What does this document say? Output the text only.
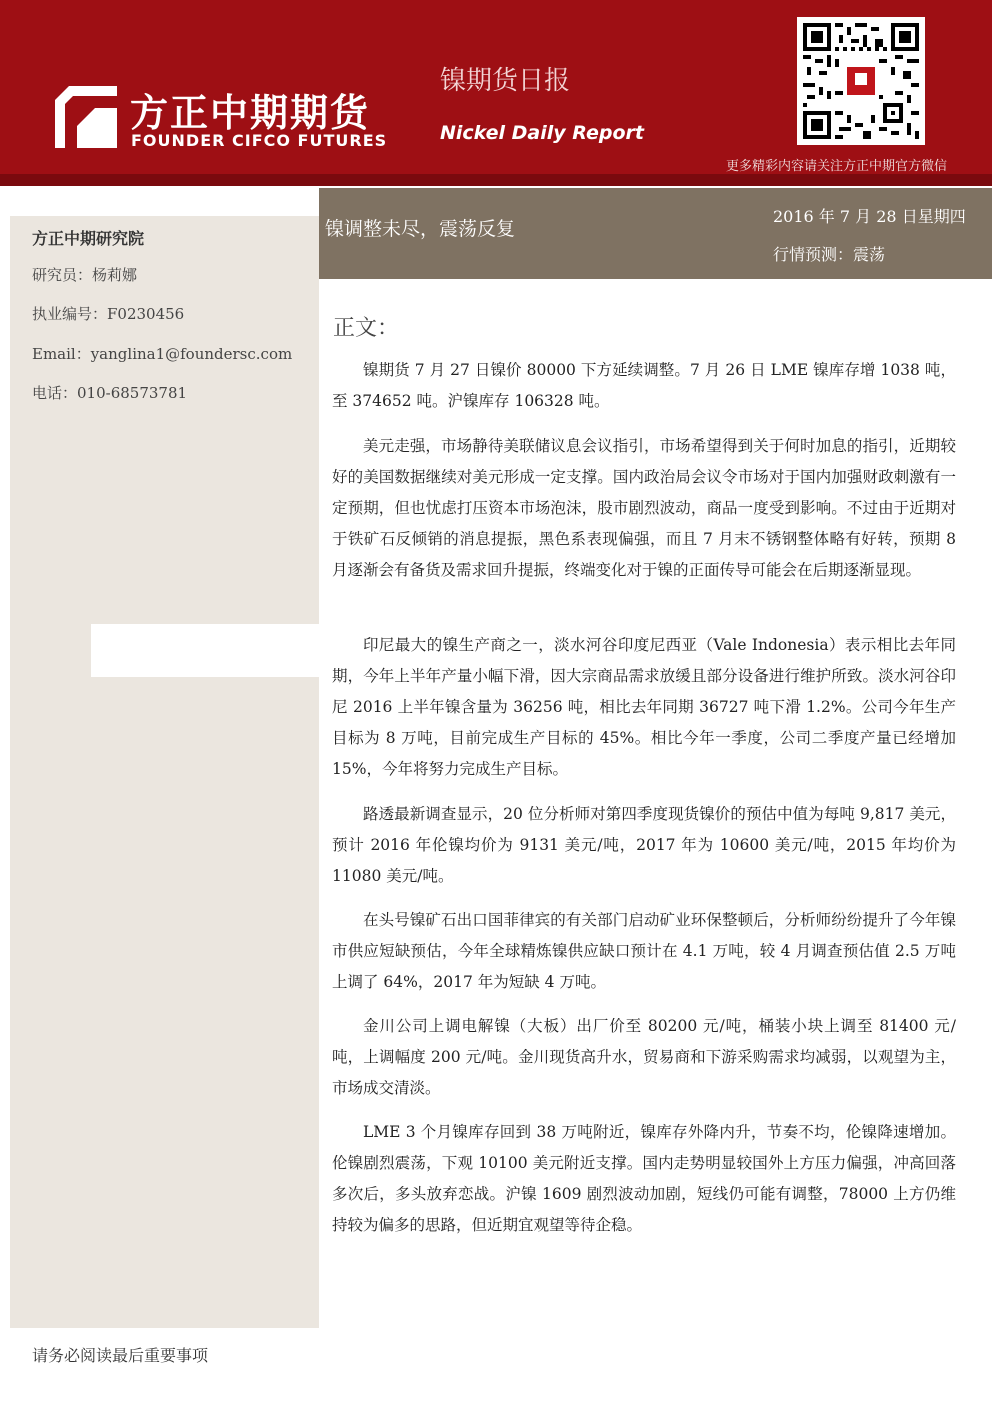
方正中期期货
FOUNDER CIFCO FUTURES
镍期货日报
Nickel Daily Report
更多精彩内容请关注方正中期官方微信
方正中期研究院
研究员：杨莉娜
执业编号：F0230456
Email：yanglina1@foundersc.com
电话：010-68573781
镍调整未尽，震荡反复
2016 年 7 月 28 日星期四
行情预测：震荡
正文：
镍期货 7 月 27 日镍价 80000 下方延续调整。7 月 26 日 LME 镍库存增 1038 吨，至 374652 吨。沪镍库存 106328 吨。
美元走强，市场静待美联储议息会议指引，市场希望得到关于何时加息的指引，近期较好的美国数据继续对美元形成一定支撑。国内政治局会议令市场对于国内加强财政刺激有一定预期，但也忧虑打压资本市场泡沫，股市剧烈波动，商品一度受到影响。不过由于近期对于铁矿石反倾销的消息提振，黑色系表现偏强，而且 7 月末不锈钢整体略有好转，预期 8 月逐渐会有备货及需求回升提振，终端变化对于镍的正面传导可能会在后期逐渐显现。
印尼最大的镍生产商之一，淡水河谷印度尼西亚（Vale Indonesia）表示相比去年同期，今年上半年产量小幅下滑，因大宗商品需求放缓且部分设备进行维护所致。淡水河谷印尼 2016 上半年镍含量为 36256 吨，相比去年同期 36727 吨下滑 1.2%。公司今年生产目标为 8 万吨，目前完成生产目标的 45%。相比今年一季度，公司二季度产量已经增加 15%，今年将努力完成生产目标。
路透最新调查显示，20 位分析师对第四季度现货镍价的预估中值为每吨 9,817 美元，预计 2016 年伦镍均价为 9131 美元/吨，2017 年为 10600 美元/吨，2015 年均价为 11080 美元/吨。
在头号镍矿石出口国菲律宾的有关部门启动矿业环保整顿后，分析师纷纷提升了今年镍市供应短缺预估，今年全球精炼镍供应缺口预计在 4.1 万吨，较 4 月调查预估值 2.5 万吨上调了 64%，2017 年为短缺 4 万吨。
金川公司上调电解镍（大板）出厂价至 80200 元/吨，桶装小块上调至 81400 元/吨，上调幅度 200 元/吨。金川现货高升水，贸易商和下游采购需求均减弱，以观望为主，市场成交清淡。
LME 3 个月镍库存回到 38 万吨附近，镍库存外降内升，节奏不均，伦镍降速增加。伦镍剧烈震荡，下观 10100 美元附近支撑。国内走势明显较国外上方压力偏强，冲高回落多次后，多头放弃恋战。沪镍 1609 剧烈波动加剧，短线仍可能有调整，78000 上方仍维持较为偏多的思路，但近期宜观望等待企稳。
请务必阅读最后重要事项
